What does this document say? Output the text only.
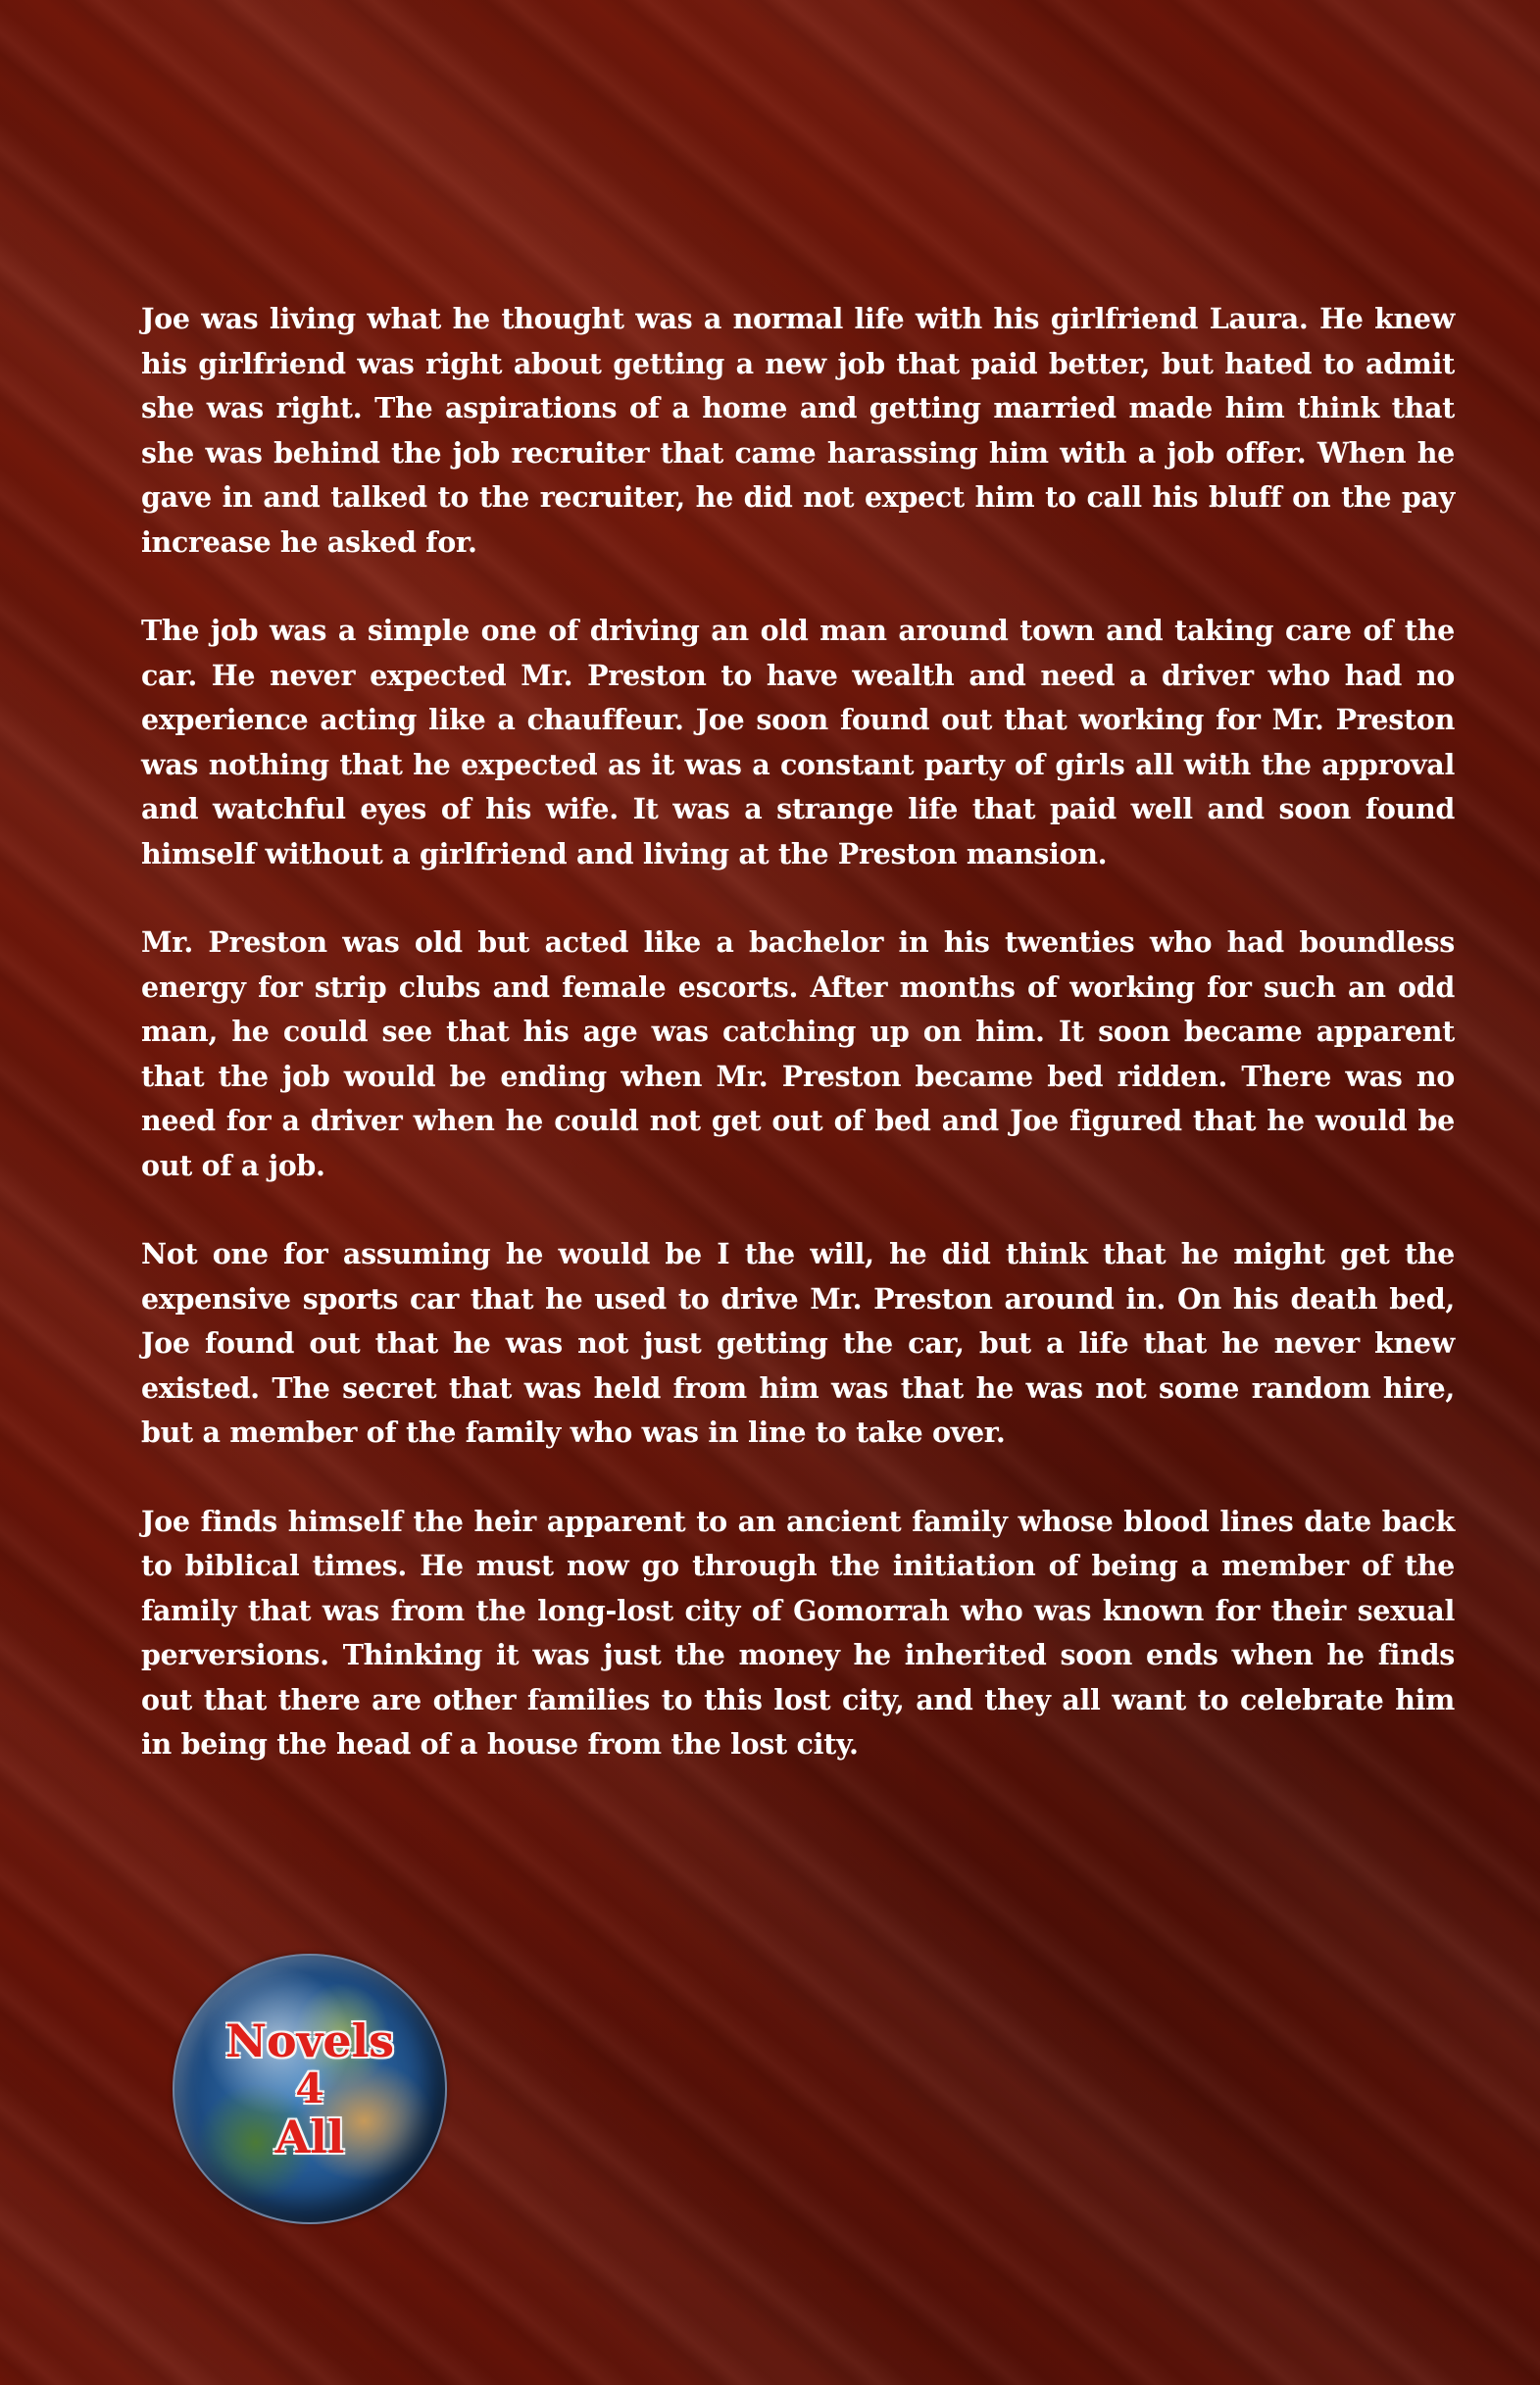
Joe was living what he thought was a normal life with his girlfriend Laura. He knew his girlfriend was right about getting a new job that paid better, but hated to admit she was right. The aspirations of a home and getting married made him think that she was behind the job recruiter that came harassing him with a job offer. When he gave in and talked to the recruiter, he did not expect him to call his bluff on the pay increase he asked for.

The job was a simple one of driving an old man around town and taking care of the car. He never expected Mr. Preston to have wealth and need a driver who had no experience acting like a chauffeur. Joe soon found out that working for Mr. Preston was nothing that he expected as it was a constant party of girls all with the approval and watchful eyes of his wife. It was a strange life that paid well and soon found himself without a girlfriend and living at the Preston mansion.

Mr. Preston was old but acted like a bachelor in his twenties who had boundless energy for strip clubs and female escorts. After months of working for such an odd man, he could see that his age was catching up on him. It soon became apparent that the job would be ending when Mr. Preston became bed ridden. There was no need for a driver when he could not get out of bed and Joe figured that he would be out of a job.

Not one for assuming he would be I the will, he did think that he might get the expensive sports car that he used to drive Mr. Preston around in. On his death bed, Joe found out that he was not just getting the car, but a life that he never knew existed. The secret that was held from him was that he was not some random hire, but a member of the family who was in line to take over.

Joe finds himself the heir apparent to an ancient family whose blood lines date back to biblical times. He must now go through the initiation of being a member of the family that was from the long-lost city of Gomorrah who was known for their sexual perversions. Thinking it was just the money he inherited soon ends when he finds out that there are other families to this lost city, and they all want to celebrate him in being the head of a house from the lost city.

Novels
4
All
